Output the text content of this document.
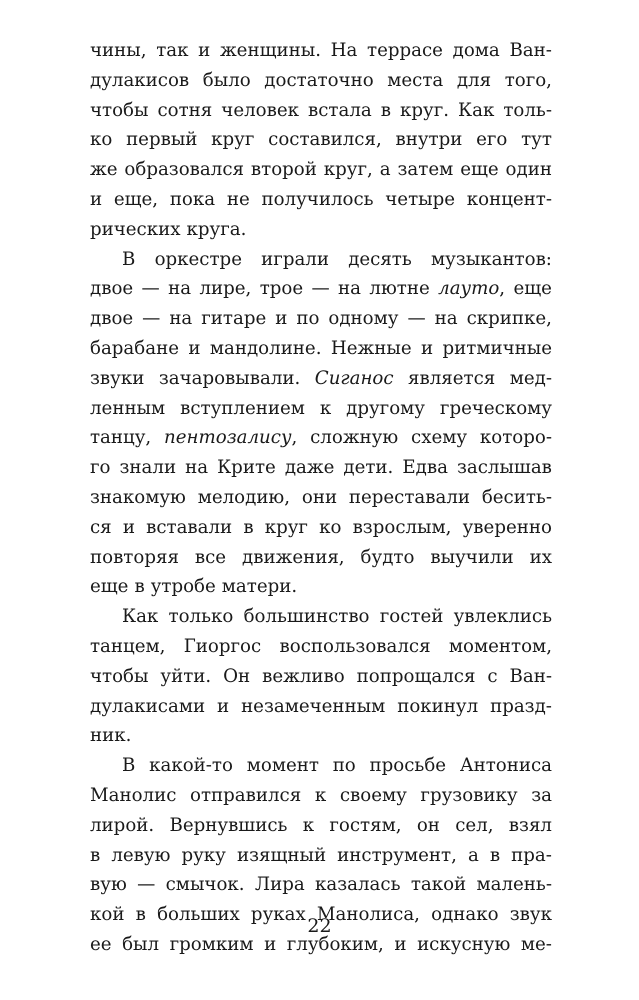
чины, так и женщины. На террасе дома Ван-
дулакисов было достаточно места для того,
чтобы сотня человек встала в круг. Как толь-
ко первый круг составился, внутри его тут
же образовался второй круг, а затем еще один
и еще, пока не получилось четыре концент-
рических круга.
В оркестре играли десять музыкантов:
двое — на лире, трое — на лютне лауто, еще
двое — на гитаре и по одному — на скрипке,
барабане и мандолине. Нежные и ритмичные
звуки зачаровывали. Сиганос является мед-
ленным вступлением к другому греческому
танцу, пентозалису, сложную схему которо-
го знали на Крите даже дети. Едва заслышав
знакомую мелодию, они переставали бесить-
ся и вставали в круг ко взрослым, уверенно
повторяя все движения, будто выучили их
еще в утробе матери.
Как только большинство гостей увлеклись
танцем, Гиоргос воспользовался моментом,
чтобы уйти. Он вежливо попрощался с Ван-
дулакисами и незамеченным покинул празд-
ник.
В какой-то момент по просьбе Антониса
Манолис отправился к своему грузовику за
лирой. Вернувшись к гостям, он сел, взял
в левую руку изящный инструмент, а в пра-
вую — смычок. Лира казалась такой малень-
кой в больших руках Манолиса, однако звук
ее был громким и глубоким, и искусную ме-
22
